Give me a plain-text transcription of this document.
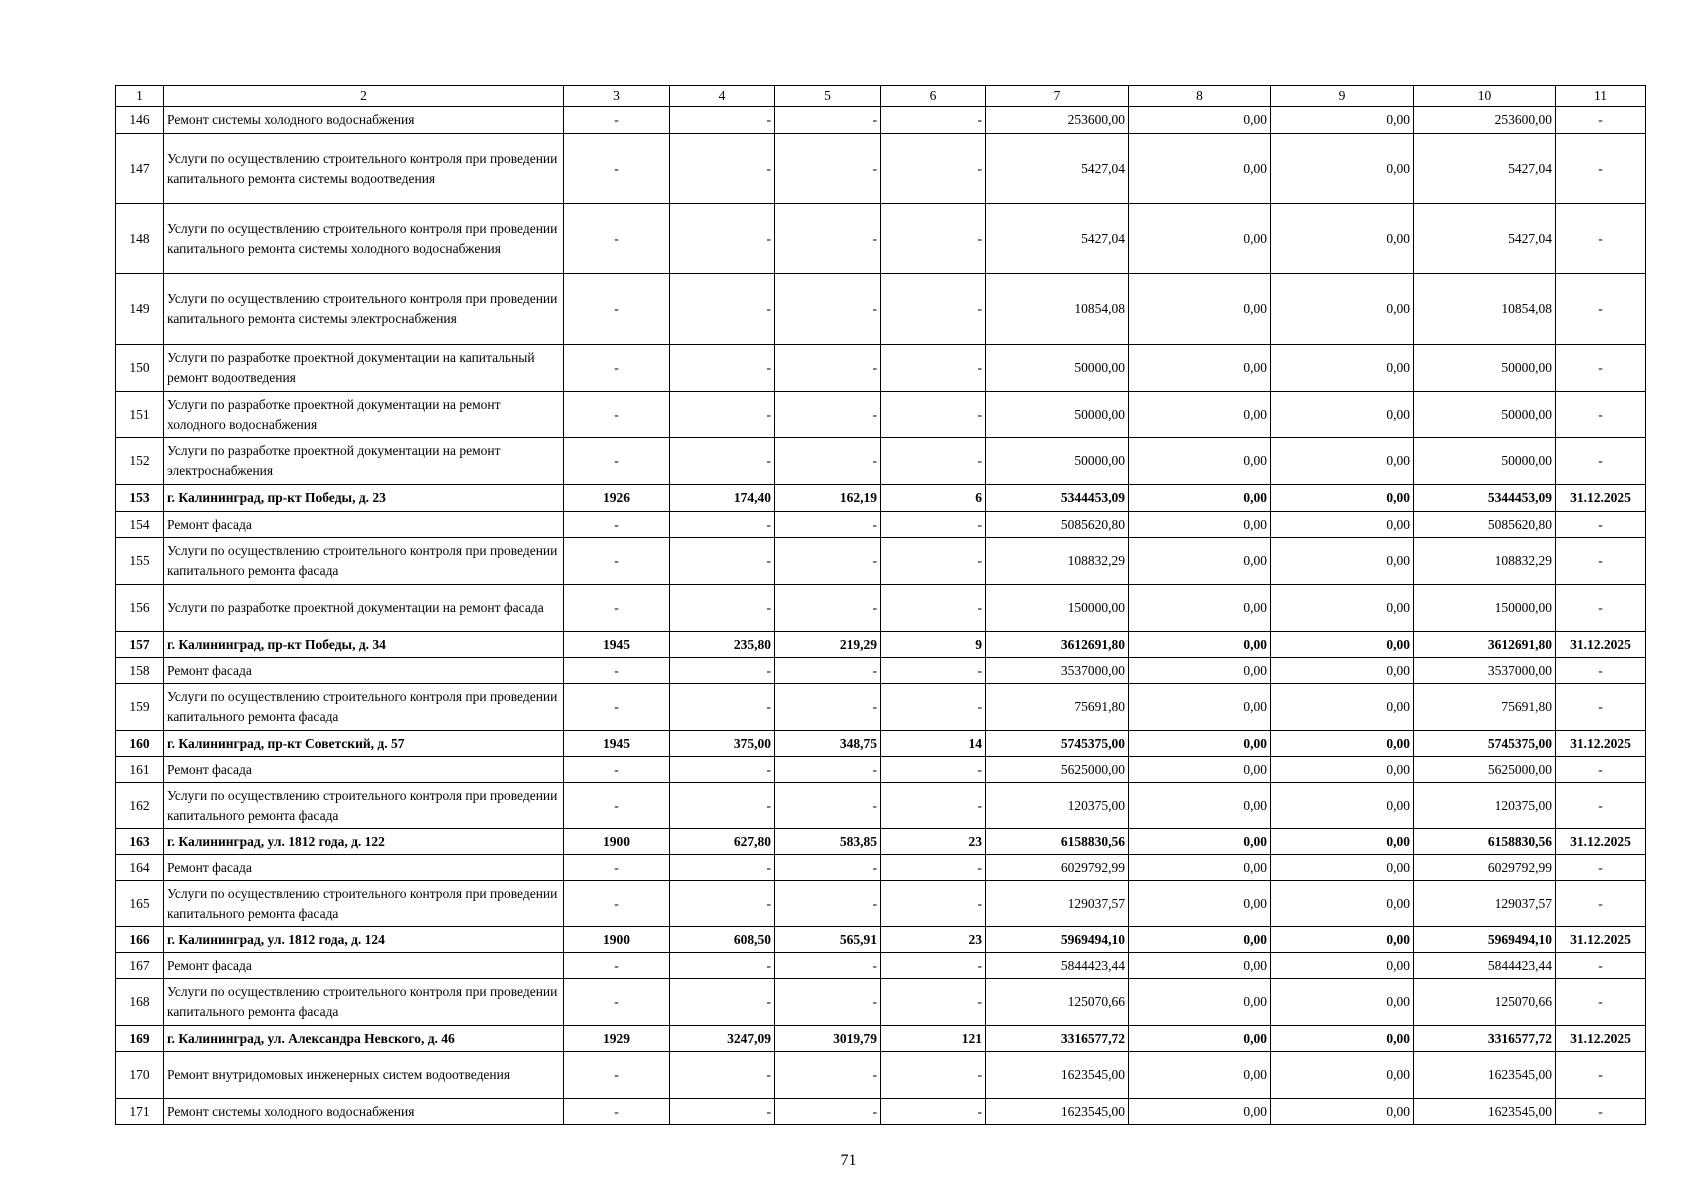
1	2	3	4	5	6	7	8	9	10	11
146	Ремонт системы холодного водоснабжения	-	-	-	-	253600,00	0,00	0,00	253600,00	-
147	Услуги по осуществлению строительного контроля при проведении капитального ремонта системы водоотведения	-	-	-	-	5427,04	0,00	0,00	5427,04	-
148	Услуги по осуществлению строительного контроля при проведении капитального ремонта системы холодного водоснабжения	-	-	-	-	5427,04	0,00	0,00	5427,04	-
149	Услуги по осуществлению строительного контроля при проведении капитального ремонта системы электроснабжения	-	-	-	-	10854,08	0,00	0,00	10854,08	-
150	Услуги по разработке проектной документации на капитальный ремонт водоотведения	-	-	-	-	50000,00	0,00	0,00	50000,00	-
151	Услуги по разработке проектной документации на ремонт холодного водоснабжения	-	-	-	-	50000,00	0,00	0,00	50000,00	-
152	Услуги по разработке проектной документации на ремонт электроснабжения	-	-	-	-	50000,00	0,00	0,00	50000,00	-
153	г. Калининград, пр-кт Победы, д. 23	1926	174,40	162,19	6	5344453,09	0,00	0,00	5344453,09	31.12.2025
154	Ремонт фасада	-	-	-	-	5085620,80	0,00	0,00	5085620,80	-
155	Услуги по осуществлению строительного контроля при проведении капитального ремонта фасада	-	-	-	-	108832,29	0,00	0,00	108832,29	-
156	Услуги по разработке проектной документации на ремонт фасада	-	-	-	-	150000,00	0,00	0,00	150000,00	-
157	г. Калининград, пр-кт Победы, д. 34	1945	235,80	219,29	9	3612691,80	0,00	0,00	3612691,80	31.12.2025
158	Ремонт фасада	-	-	-	-	3537000,00	0,00	0,00	3537000,00	-
159	Услуги по осуществлению строительного контроля при проведении капитального ремонта фасада	-	-	-	-	75691,80	0,00	0,00	75691,80	-
160	г. Калининград, пр-кт Советский, д. 57	1945	375,00	348,75	14	5745375,00	0,00	0,00	5745375,00	31.12.2025
161	Ремонт фасада	-	-	-	-	5625000,00	0,00	0,00	5625000,00	-
162	Услуги по осуществлению строительного контроля при проведении капитального ремонта фасада	-	-	-	-	120375,00	0,00	0,00	120375,00	-
163	г. Калининград, ул. 1812 года, д. 122	1900	627,80	583,85	23	6158830,56	0,00	0,00	6158830,56	31.12.2025
164	Ремонт фасада	-	-	-	-	6029792,99	0,00	0,00	6029792,99	-
165	Услуги по осуществлению строительного контроля при проведении капитального ремонта фасада	-	-	-	-	129037,57	0,00	0,00	129037,57	-
166	г. Калининград, ул. 1812 года, д. 124	1900	608,50	565,91	23	5969494,10	0,00	0,00	5969494,10	31.12.2025
167	Ремонт фасада	-	-	-	-	5844423,44	0,00	0,00	5844423,44	-
168	Услуги по осуществлению строительного контроля при проведении капитального ремонта фасада	-	-	-	-	125070,66	0,00	0,00	125070,66	-
169	г. Калининград, ул. Александра Невского, д. 46	1929	3247,09	3019,79	121	3316577,72	0,00	0,00	3316577,72	31.12.2025
170	Ремонт внутридомовых инженерных систем водоотведения	-	-	-	-	1623545,00	0,00	0,00	1623545,00	-
171	Ремонт системы холодного водоснабжения	-	-	-	-	1623545,00	0,00	0,00	1623545,00	-
71
